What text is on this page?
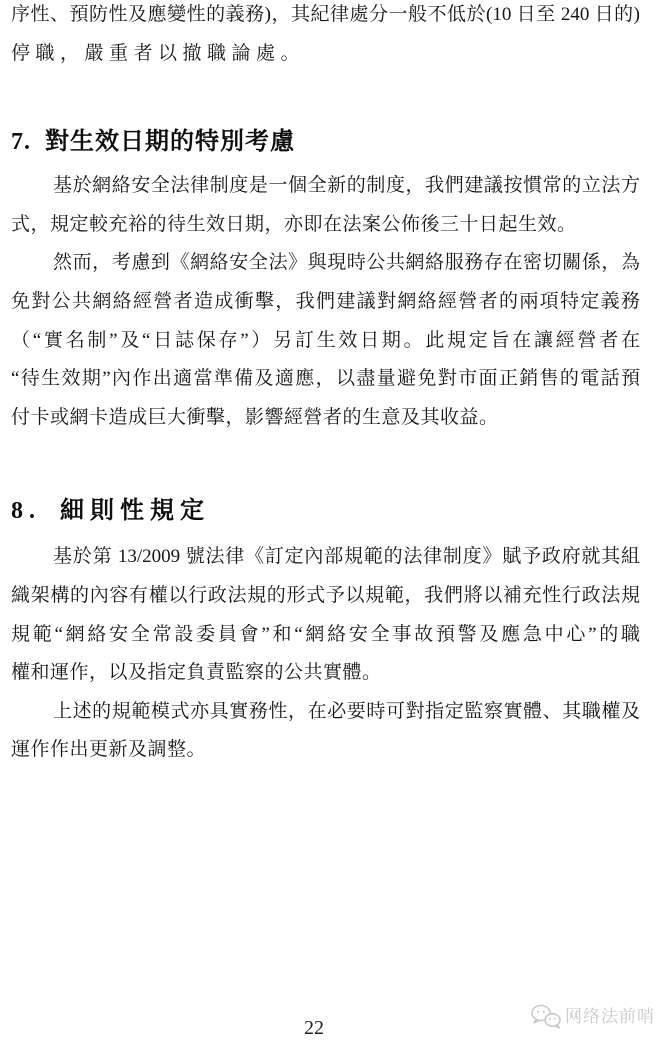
序性、預防性及應變性的義務)，其紀律處分一般不低於(10 日至 240 日的)
停職，嚴重者以撤職論處。
7. 對生效日期的特別考慮
基於網絡安全法律制度是一個全新的制度，我們建議按慣常的立法方
式，規定較充裕的待生效日期，亦即在法案公佈後三十日起生效。
然而，考慮到《網絡安全法》與現時公共網絡服務存在密切關係，為
免對公共網絡經營者造成衝擊，我們建議對網絡經營者的兩項特定義務
（“實名制”及“日誌保存”）另訂生效日期。此規定旨在讓經營者在
“待生效期”內作出適當準備及適應，以盡量避免對市面正銷售的電話預
付卡或網卡造成巨大衝擊，影響經營者的生意及其收益。
8. 細則性規定
基於第 13/2009 號法律《訂定內部規範的法律制度》賦予政府就其組
織架構的內容有權以行政法規的形式予以規範，我們將以補充性行政法規
規範“網絡安全常設委員會”和“網絡安全事故預警及應急中心”的職
權和運作，以及指定負責監察的公共實體。
上述的規範模式亦具實務性，在必要時可對指定監察實體、其職權及
運作作出更新及調整。
22
网络法前哨
